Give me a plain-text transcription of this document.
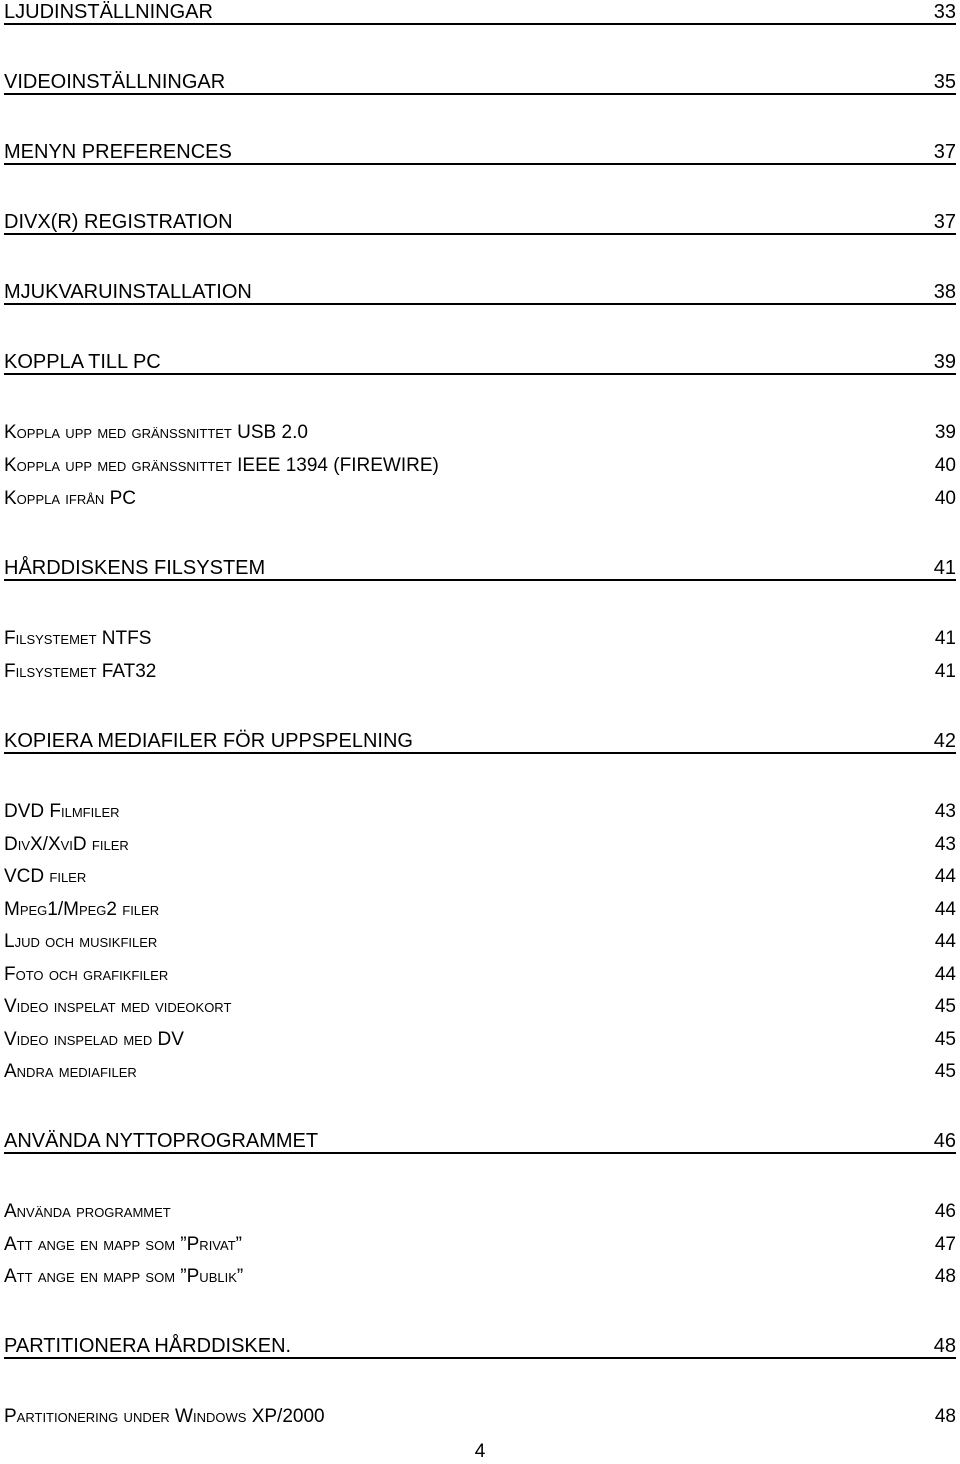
LJUDINSTÄLLNINGAR	33
VIDEOINSTÄLLNINGAR	35
MENYN PREFERENCES	37
DIVX(R) REGISTRATION	37
MJUKVARUINSTALLATION	38
KOPPLA TILL PC	39
Koppla upp med gränssnittet USB 2.0	39
Koppla upp med gränssnittet IEEE 1394 (FIREWIRE)	40
Koppla ifrån PC	40
HÅRDDISKENS FILSYSTEM	41
Filsystemet NTFS	41
Filsystemet FAT32	41
KOPIERA MEDIAFILER FÖR UPPSPELNING	42
DVD Filmfiler	43
DivX/XviD filer	43
VCD filer	44
Mpeg1/Mpeg2 filer	44
Ljud och musikfiler	44
Foto och grafikfiler	44
Video inspelat med videokort	45
Video inspelad med DV	45
Andra mediafiler	45
ANVÄNDA NYTTOPROGRAMMET	46
Använda programmet	46
Att ange en mapp som ”Privat”	47
Att ange en mapp som ”Publik”	48
PARTITIONERA HÅRDDISKEN.	48
Partitionering under Windows XP/2000	48
4
